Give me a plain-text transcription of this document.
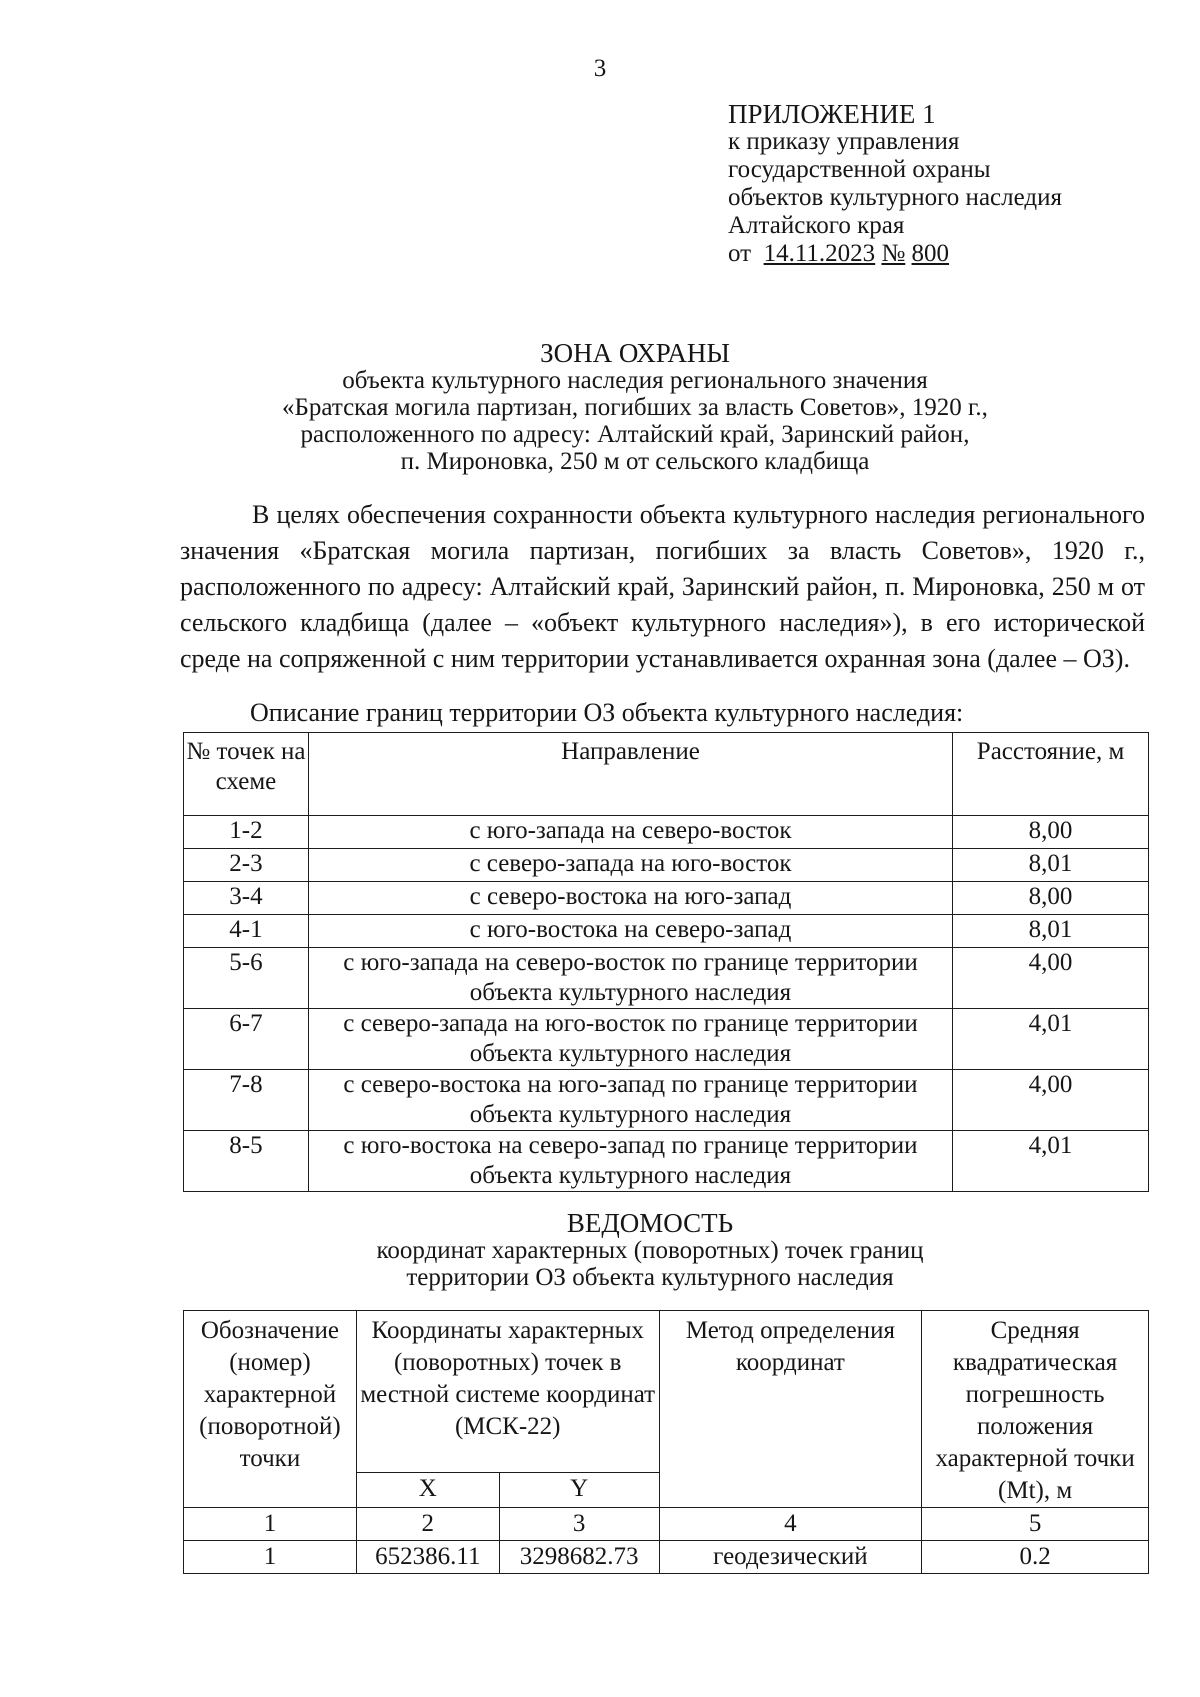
3
ПРИЛОЖЕНИЕ 1
к приказу управления
государственной охраны
объектов культурного наследия
Алтайского края
от 14.11.2023 № 800
ЗОНА ОХРАНЫ
объекта культурного наследия регионального значения
«Братская могила партизан, погибших за власть Советов», 1920 г.,
расположенного по адресу: Алтайский край, Заринский район,
п. Мироновка, 250 м от сельского кладбища
В целях обеспечения сохранности объекта культурного наследия регионального значения «Братская могила партизан, погибших за власть Советов», 1920 г., расположенного по адресу: Алтайский край, Заринский район, п. Мироновка, 250 м от сельского кладбища (далее – «объект культурного наследия»), в его исторической среде на сопряженной с ним территории устанавливается охранная зона (далее – ОЗ).
Описание границ территории ОЗ объекта культурного наследия:
№ точек на схеме	Направление	Расстояние, м
1-2	с юго-запада на северо-восток	8,00
2-3	с северо-запада на юго-восток	8,01
3-4	с северо-востока на юго-запад	8,00
4-1	с юго-востока на северо-запад	8,01
5-6	с юго-запада на северо-восток по границе территории объекта культурного наследия	4,00
6-7	с северо-запада на юго-восток по границе территории объекта культурного наследия	4,01
7-8	с северо-востока на юго-запад по границе территории объекта культурного наследия	4,00
8-5	с юго-востока на северо-запад по границе территории объекта культурного наследия	4,01
ВЕДОМОСТЬ
координат характерных (поворотных) точек границ
территории ОЗ объекта культурного наследия
Обозначение (номер) характерной (поворотной) точки	Координаты характерных (поворотных) точек в местной системе координат (МСК-22)		Метод определения координат	Средняя квадратическая погрешность положения характерной точки (Mt), м
	X	Y		
1	2	3	4	5
1	652386.11	3298682.73	геодезический	0.2
